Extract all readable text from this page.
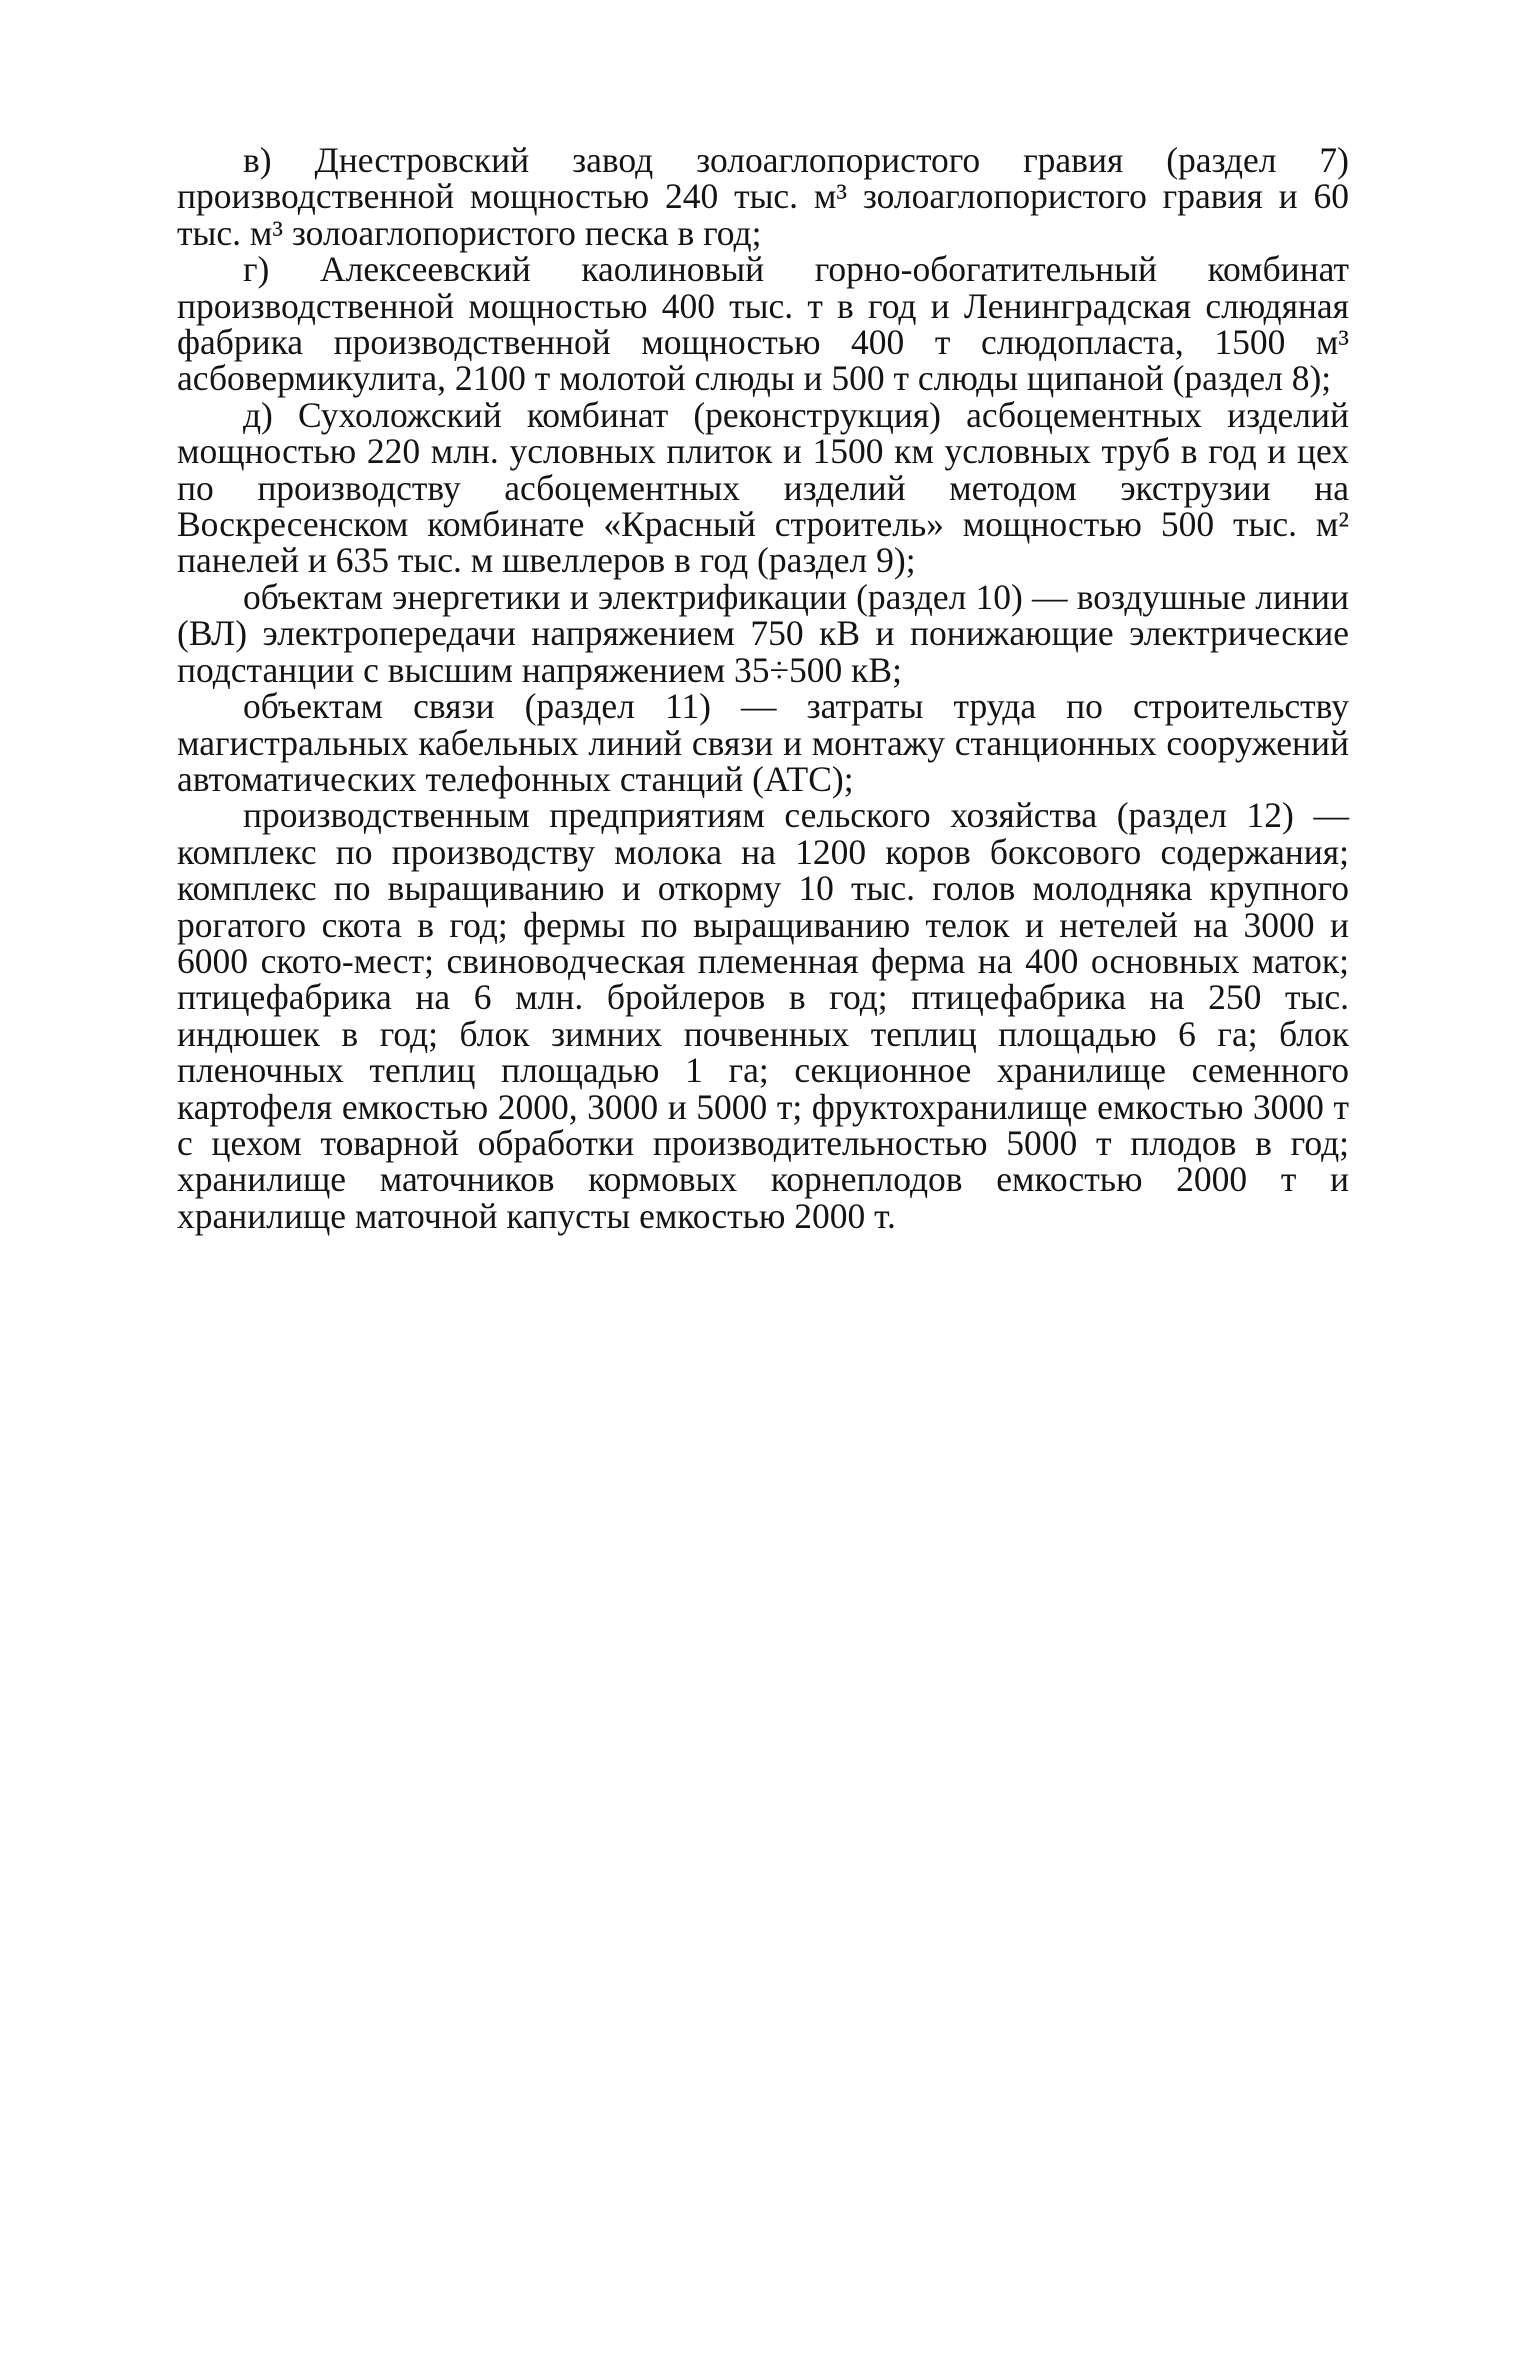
в) Днестровский завод золоаглопористого гравия (раздел 7) производственной мощностью 240 тыс. м³ золоаглопористого гравия и 60 тыс. м³ золоаглопористого песка в год;

г) Алексеевский каолиновый горно-обогатительный комбинат производственной мощностью 400 тыс. т в год и Ленинградская слюдяная фабрика производственной мощностью 400 т слюдопласта, 1500 м³ асбовермикулита, 2100 т молотой слюды и 500 т слюды щипаной (раздел 8);

д) Сухоложский комбинат (реконструкция) асбоцементных изделий мощностью 220 млн. условных плиток и 1500 км условных труб в год и цех по производству асбоцементных изделий методом экструзии на Воскресенском комбинате «Красный строитель» мощностью 500 тыс. м² панелей и 635 тыс. м швеллеров в год (раздел 9);

объектам энергетики и электрификации (раздел 10) — воздушные линии (ВЛ) электропередачи напряжением 750 кВ и понижающие электрические подстанции с высшим напряжением 35÷500 кВ;

объектам связи (раздел 11) — затраты труда по строительству магистральных кабельных линий связи и монтажу станционных сооружений автоматических телефонных станций (АТС);

производственным предприятиям сельского хозяйства (раздел 12) — комплекс по производству молока на 1200 коров боксового содержания; комплекс по выращиванию и откорму 10 тыс. голов молодняка крупного рогатого скота в год; фермы по выращиванию телок и нетелей на 3000 и 6000 ското-мест; свиноводческая племенная ферма на 400 основных маток; птицефабрика на 6 млн. бройлеров в год; птицефабрика на 250 тыс. индюшек в год; блок зимних почвенных теплиц площадью 6 га; блок пленочных теплиц площадью 1 га; секционное хранилище семенного картофеля емкостью 2000, 3000 и 5000 т; фруктохранилище емкостью 3000 т с цехом товарной обработки производительностью 5000 т плодов в год; хранилище маточников кормовых корнеплодов емкостью 2000 т и хранилище маточной капусты емкостью 2000 т.
